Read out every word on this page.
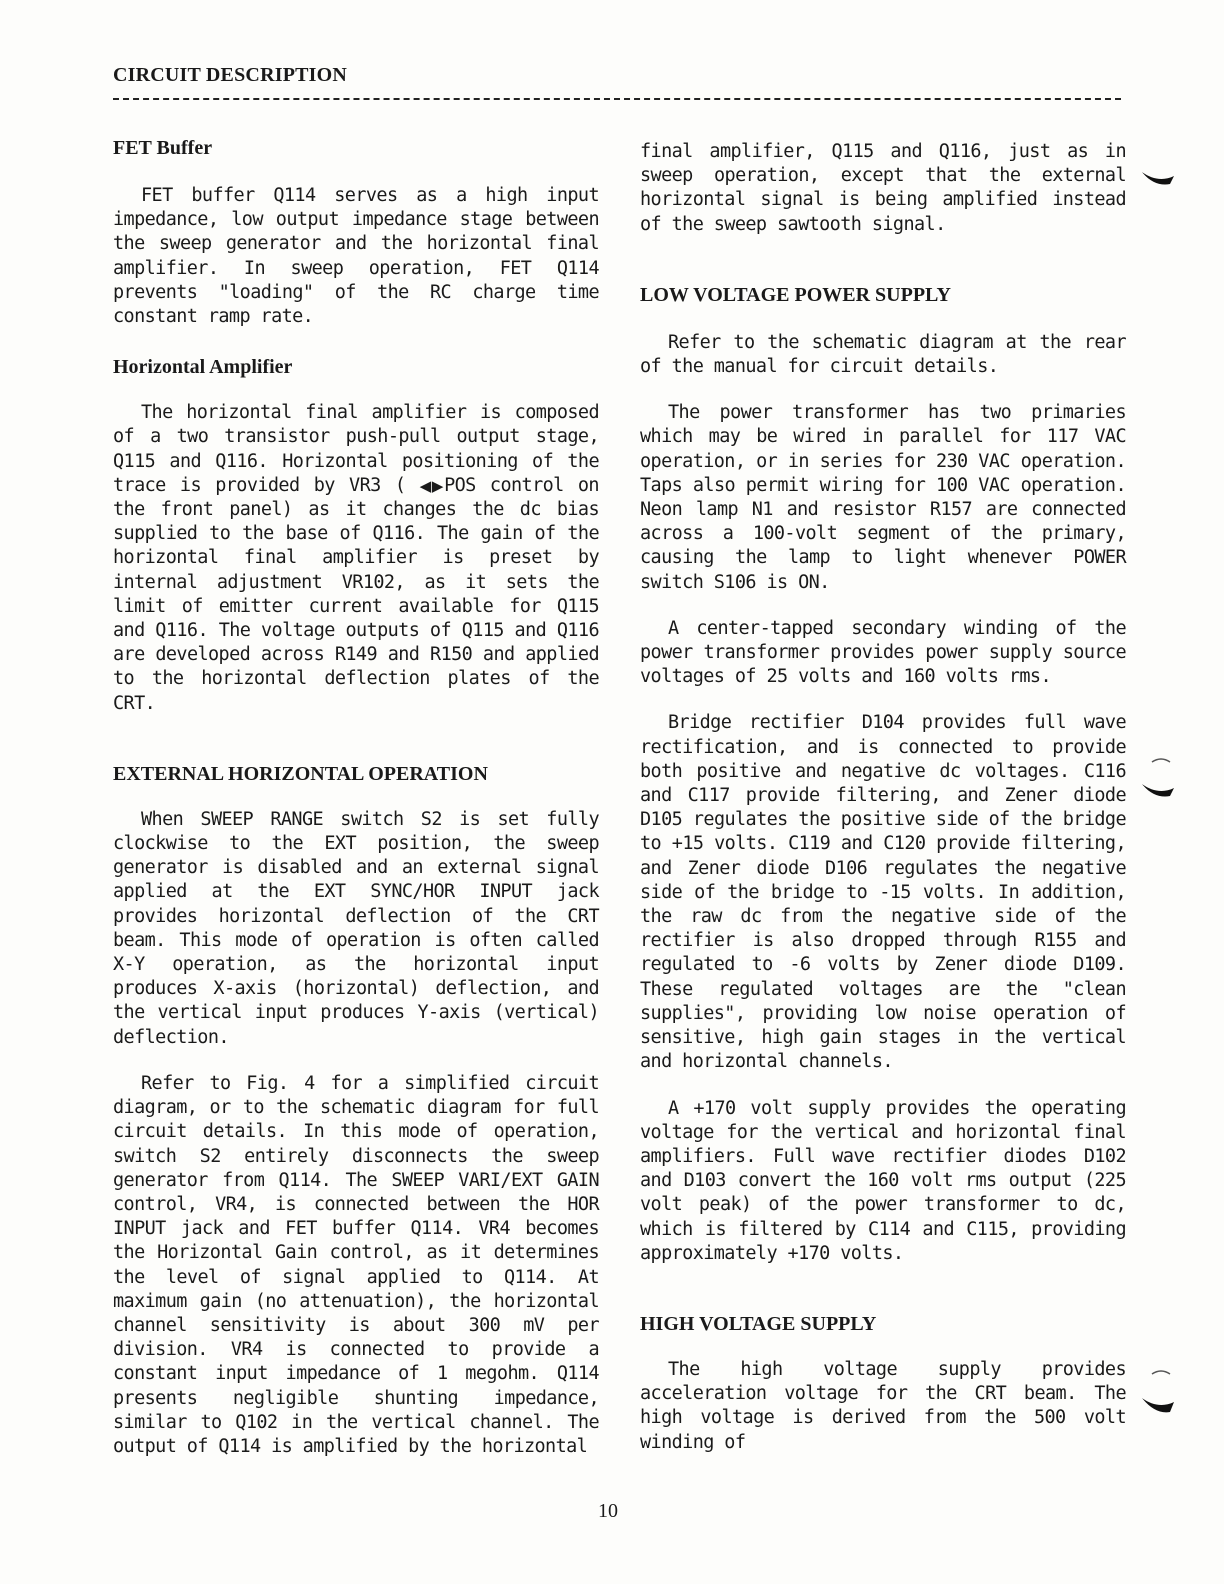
CIRCUIT DESCRIPTION
FET Buffer

FET buffer Q114 serves as a high input impedance, low output impedance stage between the sweep generator and the horizontal final amplifier. In sweep operation, FET Q114 prevents "loading" of the RC charge time constant ramp rate.

Horizontal Amplifier

The horizontal final amplifier is composed of a two transistor push-pull output stage, Q115 and Q116. Horizontal positioning of the trace is provided by VR3 ( ◀▶POS control on the front panel) as it changes the dc bias supplied to the base of Q116. The gain of the horizontal final amplifier is preset by internal adjustment VR102, as it sets the limit of emitter current available for Q115 and Q116. The voltage outputs of Q115 and Q116 are developed across R149 and R150 and applied to the horizontal deflection plates of the CRT.

EXTERNAL HORIZONTAL OPERATION

When SWEEP RANGE switch S2 is set fully clockwise to the EXT position, the sweep generator is disabled and an external signal applied at the EXT SYNC/HOR INPUT jack provides horizontal deflection of the CRT beam. This mode of operation is often called X-Y operation, as the horizontal input produces X-axis (horizontal) deflection, and the vertical input produces Y-axis (vertical) deflection.

Refer to Fig. 4 for a simplified circuit diagram, or to the schematic diagram for full circuit details. In this mode of operation, switch S2 entirely disconnects the sweep generator from Q114. The SWEEP VARI/EXT GAIN control, VR4, is connected between the HOR INPUT jack and FET buffer Q114. VR4 becomes the Horizontal Gain control, as it determines the level of signal applied to Q114. At maximum gain (no attenuation), the horizontal channel sensitivity is about 300 mV per division. VR4 is connected to provide a constant input impedance of 1 megohm. Q114 presents negligible shunting impedance, similar to Q102 in the vertical channel. The output of Q114 is amplified by the horizontal

final amplifier, Q115 and Q116, just as in sweep operation, except that the external horizontal signal is being amplified instead of the sweep sawtooth signal.

LOW VOLTAGE POWER SUPPLY

Refer to the schematic diagram at the rear of the manual for circuit details.

The power transformer has two primaries which may be wired in parallel for 117 VAC operation, or in series for 230 VAC operation. Taps also permit wiring for 100 VAC operation. Neon lamp N1 and resistor R157 are connected across a 100-volt segment of the primary, causing the lamp to light whenever POWER switch S106 is ON.

A center-tapped secondary winding of the power transformer provides power supply source voltages of 25 volts and 160 volts rms.

Bridge rectifier D104 provides full wave rectification, and is connected to provide both positive and negative dc voltages. C116 and C117 provide filtering, and Zener diode D105 regulates the positive side of the bridge to +15 volts. C119 and C120 provide filtering, and Zener diode D106 regulates the negative side of the bridge to -15 volts. In addition, the raw dc from the negative side of the rectifier is also dropped through R155 and regulated to -6 volts by Zener diode D109. These regulated voltages are the "clean supplies", providing low noise operation of sensitive, high gain stages in the vertical and horizontal channels.

A +170 volt supply provides the operating voltage for the vertical and horizontal final amplifiers. Full wave rectifier diodes D102 and D103 convert the 160 volt rms output (225 volt peak) of the power transformer to dc, which is filtered by C114 and C115, providing approximately +170 volts.

HIGH VOLTAGE SUPPLY

The high voltage supply provides acceleration voltage for the CRT beam. The high voltage is derived from the 500 volt winding of

10
